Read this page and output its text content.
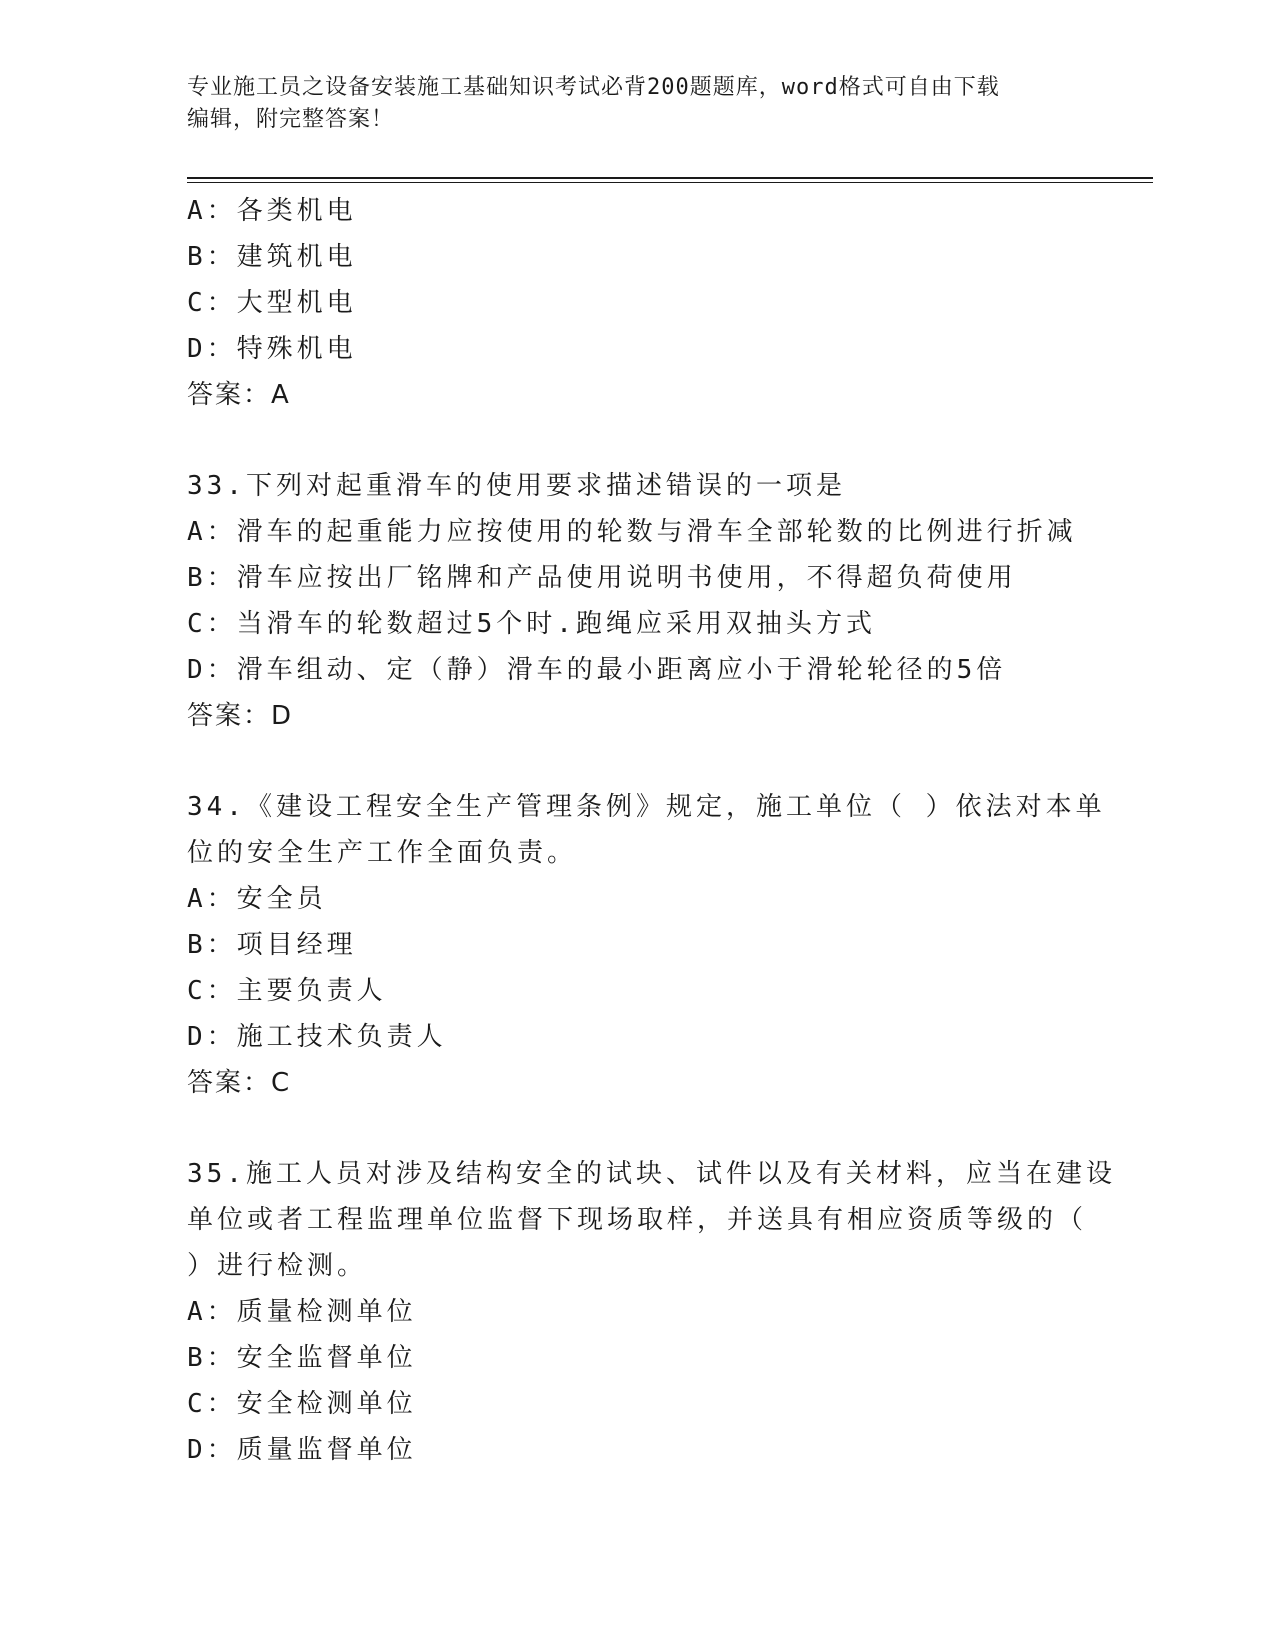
专业施工员之设备安装施工基础知识考试必背200题题库，word格式可自由下载
编辑，附完整答案！
A：各类机电
B：建筑机电
C：大型机电
D：特殊机电
答案：A
33.下列对起重滑车的使用要求描述错误的一项是
A：滑车的起重能力应按使用的轮数与滑车全部轮数的比例进行折减
B：滑车应按出厂铭牌和产品使用说明书使用，不得超负荷使用
C：当滑车的轮数超过5个时.跑绳应采用双抽头方式
D：滑车组动、定（静）滑车的最小距离应小于滑轮轮径的5倍
答案：D
34.《建设工程安全生产管理条例》规定，施工单位（ ）依法对本单
位的安全生产工作全面负责。
A：安全员
B：项目经理
C：主要负责人
D：施工技术负责人
答案：C
35.施工人员对涉及结构安全的试块、试件以及有关材料，应当在建设
单位或者工程监理单位监督下现场取样，并送具有相应资质等级的（
）进行检测。
A：质量检测单位
B：安全监督单位
C：安全检测单位
D：质量监督单位
